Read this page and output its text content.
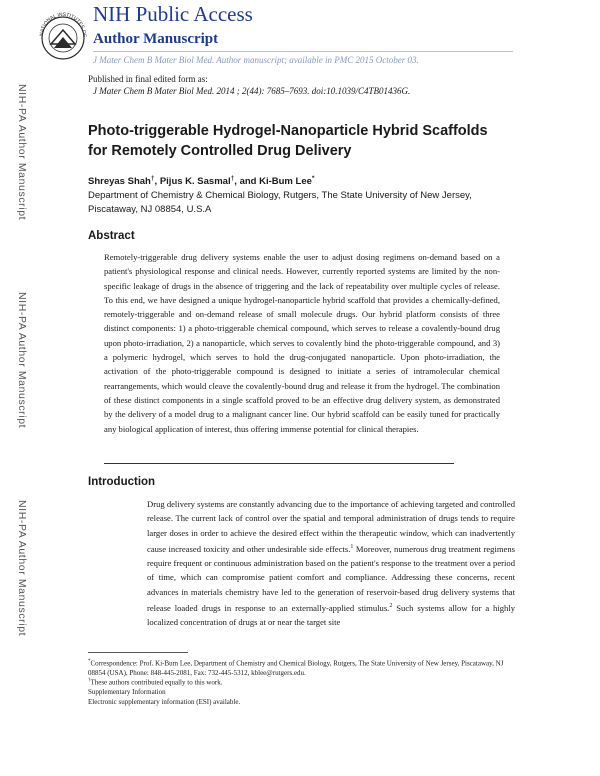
NATIONAL INSTITUTES OF
NIH Public Access
Author Manuscript
J Mater Chem B Mater Biol Med. Author manuscript; available in PMC 2015 October 03.
Published in final edited form as:
J Mater Chem B Mater Biol Med. 2014 ; 2(44): 7685–7693. doi:10.1039/C4TB01436G.
NIH-PA Author Manuscript
NIH-PA Author Manuscript
NIH-PA Author Manuscript
Photo-triggerable Hydrogel-Nanoparticle Hybrid Scaffolds for Remotely Controlled Drug Delivery
Shreyas Shah†, Pijus K. Sasmal†, and Ki-Bum Lee*
Department of Chemistry & Chemical Biology, Rutgers, The State University of New Jersey, Piscataway, NJ 08854, U.S.A
Abstract
Remotely-triggerable drug delivery systems enable the user to adjust dosing regimens on-demand based on a patient's physiological response and clinical needs. However, currently reported systems are limited by the non-specific leakage of drugs in the absence of triggering and the lack of repeatability over multiple cycles of release. To this end, we have designed a unique hydrogel-nanoparticle hybrid scaffold that provides a chemically-defined, remotely-triggerable and on-demand release of small molecule drugs. Our hybrid platform consists of three distinct components: 1) a photo-triggerable chemical compound, which serves to release a covalently-bound drug upon photo-irradiation, 2) a nanoparticle, which serves to covalently bind the photo-triggerable compound, and 3) a polymeric hydrogel, which serves to hold the drug-conjugated nanoparticle. Upon photo-irradiation, the activation of the photo-triggerable compound is designed to initiate a series of intramolecular chemical rearrangements, which would cleave the covalently-bound drug and release it from the hydrogel. The combination of these distinct components in a single scaffold proved to be an effective drug delivery system, as demonstrated by the delivery of a model drug to a malignant cancer line. Our hybrid scaffold can be easily tuned for practically any biological application of interest, thus offering immense potential for clinical therapies.
Introduction
Drug delivery systems are constantly advancing due to the importance of achieving targeted and controlled release. The current lack of control over the spatial and temporal administration of drugs tends to require larger doses in order to achieve the desired effect within the therapeutic window, which can inadvertently cause increased toxicity and other undesirable side effects.$^1$ Moreover, numerous drug treatment regimens require frequent or continuous administration based on the patient's response to the treatment over a period of time, which can compromise patient comfort and compliance. Addressing these concerns, recent advances in materials chemistry have led to the generation of reservoir-based drug delivery systems that release loaded drugs in response to an externally-applied stimulus.$^2$ Such systems allow for a highly localized concentration of drugs at or near the target site
*Correspondence: Prof. Ki-Bum Lee, Department of Chemistry and Chemical Biology, Rutgers, The State University of New Jersey, Piscataway, NJ 08854 (USA), Phone: 848-445-2081, Fax: 732-445-5312, kblee@rutgers.edu.
†These authors contributed equally to this work.
Supplementary Information
Electronic supplementary information (ESI) available.
